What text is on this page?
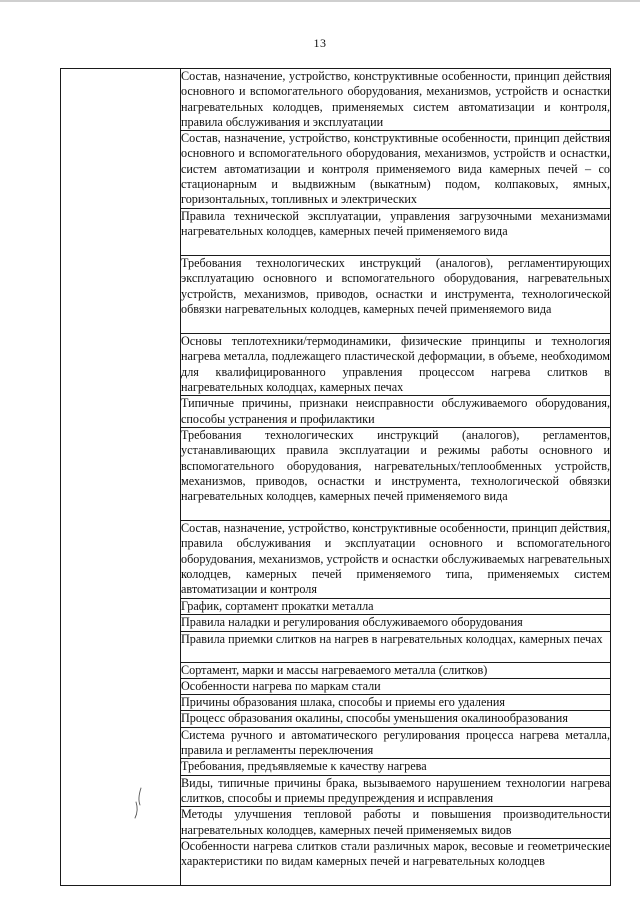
13
	Состав, назначение, устройство, конструктивные особенности, принцип действия основного и вспомогательного оборудования, механизмов, устройств и оснастки нагревательных колодцев, применяемых систем автоматизации и контроля, правила обслуживания и эксплуатации
Состав, назначение, устройство, конструктивные особенности, принцип действия основного и вспомогательного оборудования, механизмов, устройств и оснастки, систем автоматизации и контроля применяемого вида камерных печей – со стационарным и выдвижным (выкатным) подом, колпаковых, ямных, горизонтальных, топливных и электрических
Правила технической эксплуатации, управления загрузочными механизмами нагревательных колодцев, камерных печей применяемого вида
Требования технологических инструкций (аналогов), регламентирующих эксплуатацию основного и вспомогательного оборудования, нагревательных устройств, механизмов, приводов, оснастки и инструмента, технологической обвязки нагревательных колодцев, камерных печей применяемого вида
Основы теплотехники/термодинамики, физические принципы и технология нагрева металла, подлежащего пластической деформации, в объеме, необходимом для квалифицированного управления процессом нагрева слитков в нагревательных колодцах, камерных печах
Типичные причины, признаки неисправности обслуживаемого оборудования, способы устранения и профилактики
Требования технологических инструкций (аналогов), регламентов, устанавливающих правила эксплуатации и режимы работы основного и вспомогательного оборудования, нагревательных/теплообменных устройств, механизмов, приводов, оснастки и инструмента, технологической обвязки нагревательных колодцев, камерных печей применяемого вида
Состав, назначение, устройство, конструктивные особенности, принцип действия, правила обслуживания и эксплуатации основного и вспомогательного оборудования, механизмов, устройств и оснастки обслуживаемых нагревательных колодцев, камерных печей применяемого типа, применяемых систем автоматизации и контроля
График, сортамент прокатки металла
Правила наладки и регулирования обслуживаемого оборудования
Правила приемки слитков на нагрев в нагревательных колодцах, камерных печах
Сортамент, марки и массы нагреваемого металла (слитков)
Особенности нагрева по маркам стали
Причины образования шлака, способы и приемы его удаления
Процесс образования окалины, способы уменьшения окалинообразования
Система ручного и автоматического регулирования процесса нагрева металла, правила и регламенты переключения
Требования, предъявляемые к качеству нагрева
Виды, типичные причины брака, вызываемого нарушением технологии нагрева слитков, способы и приемы предупреждения и исправления
Методы улучшения тепловой работы и повышения производительности нагревательных колодцев, камерных печей применяемых видов
Особенности нагрева слитков стали различных марок, весовые и геометрические характеристики по видам камерных печей и нагревательных колодцев
